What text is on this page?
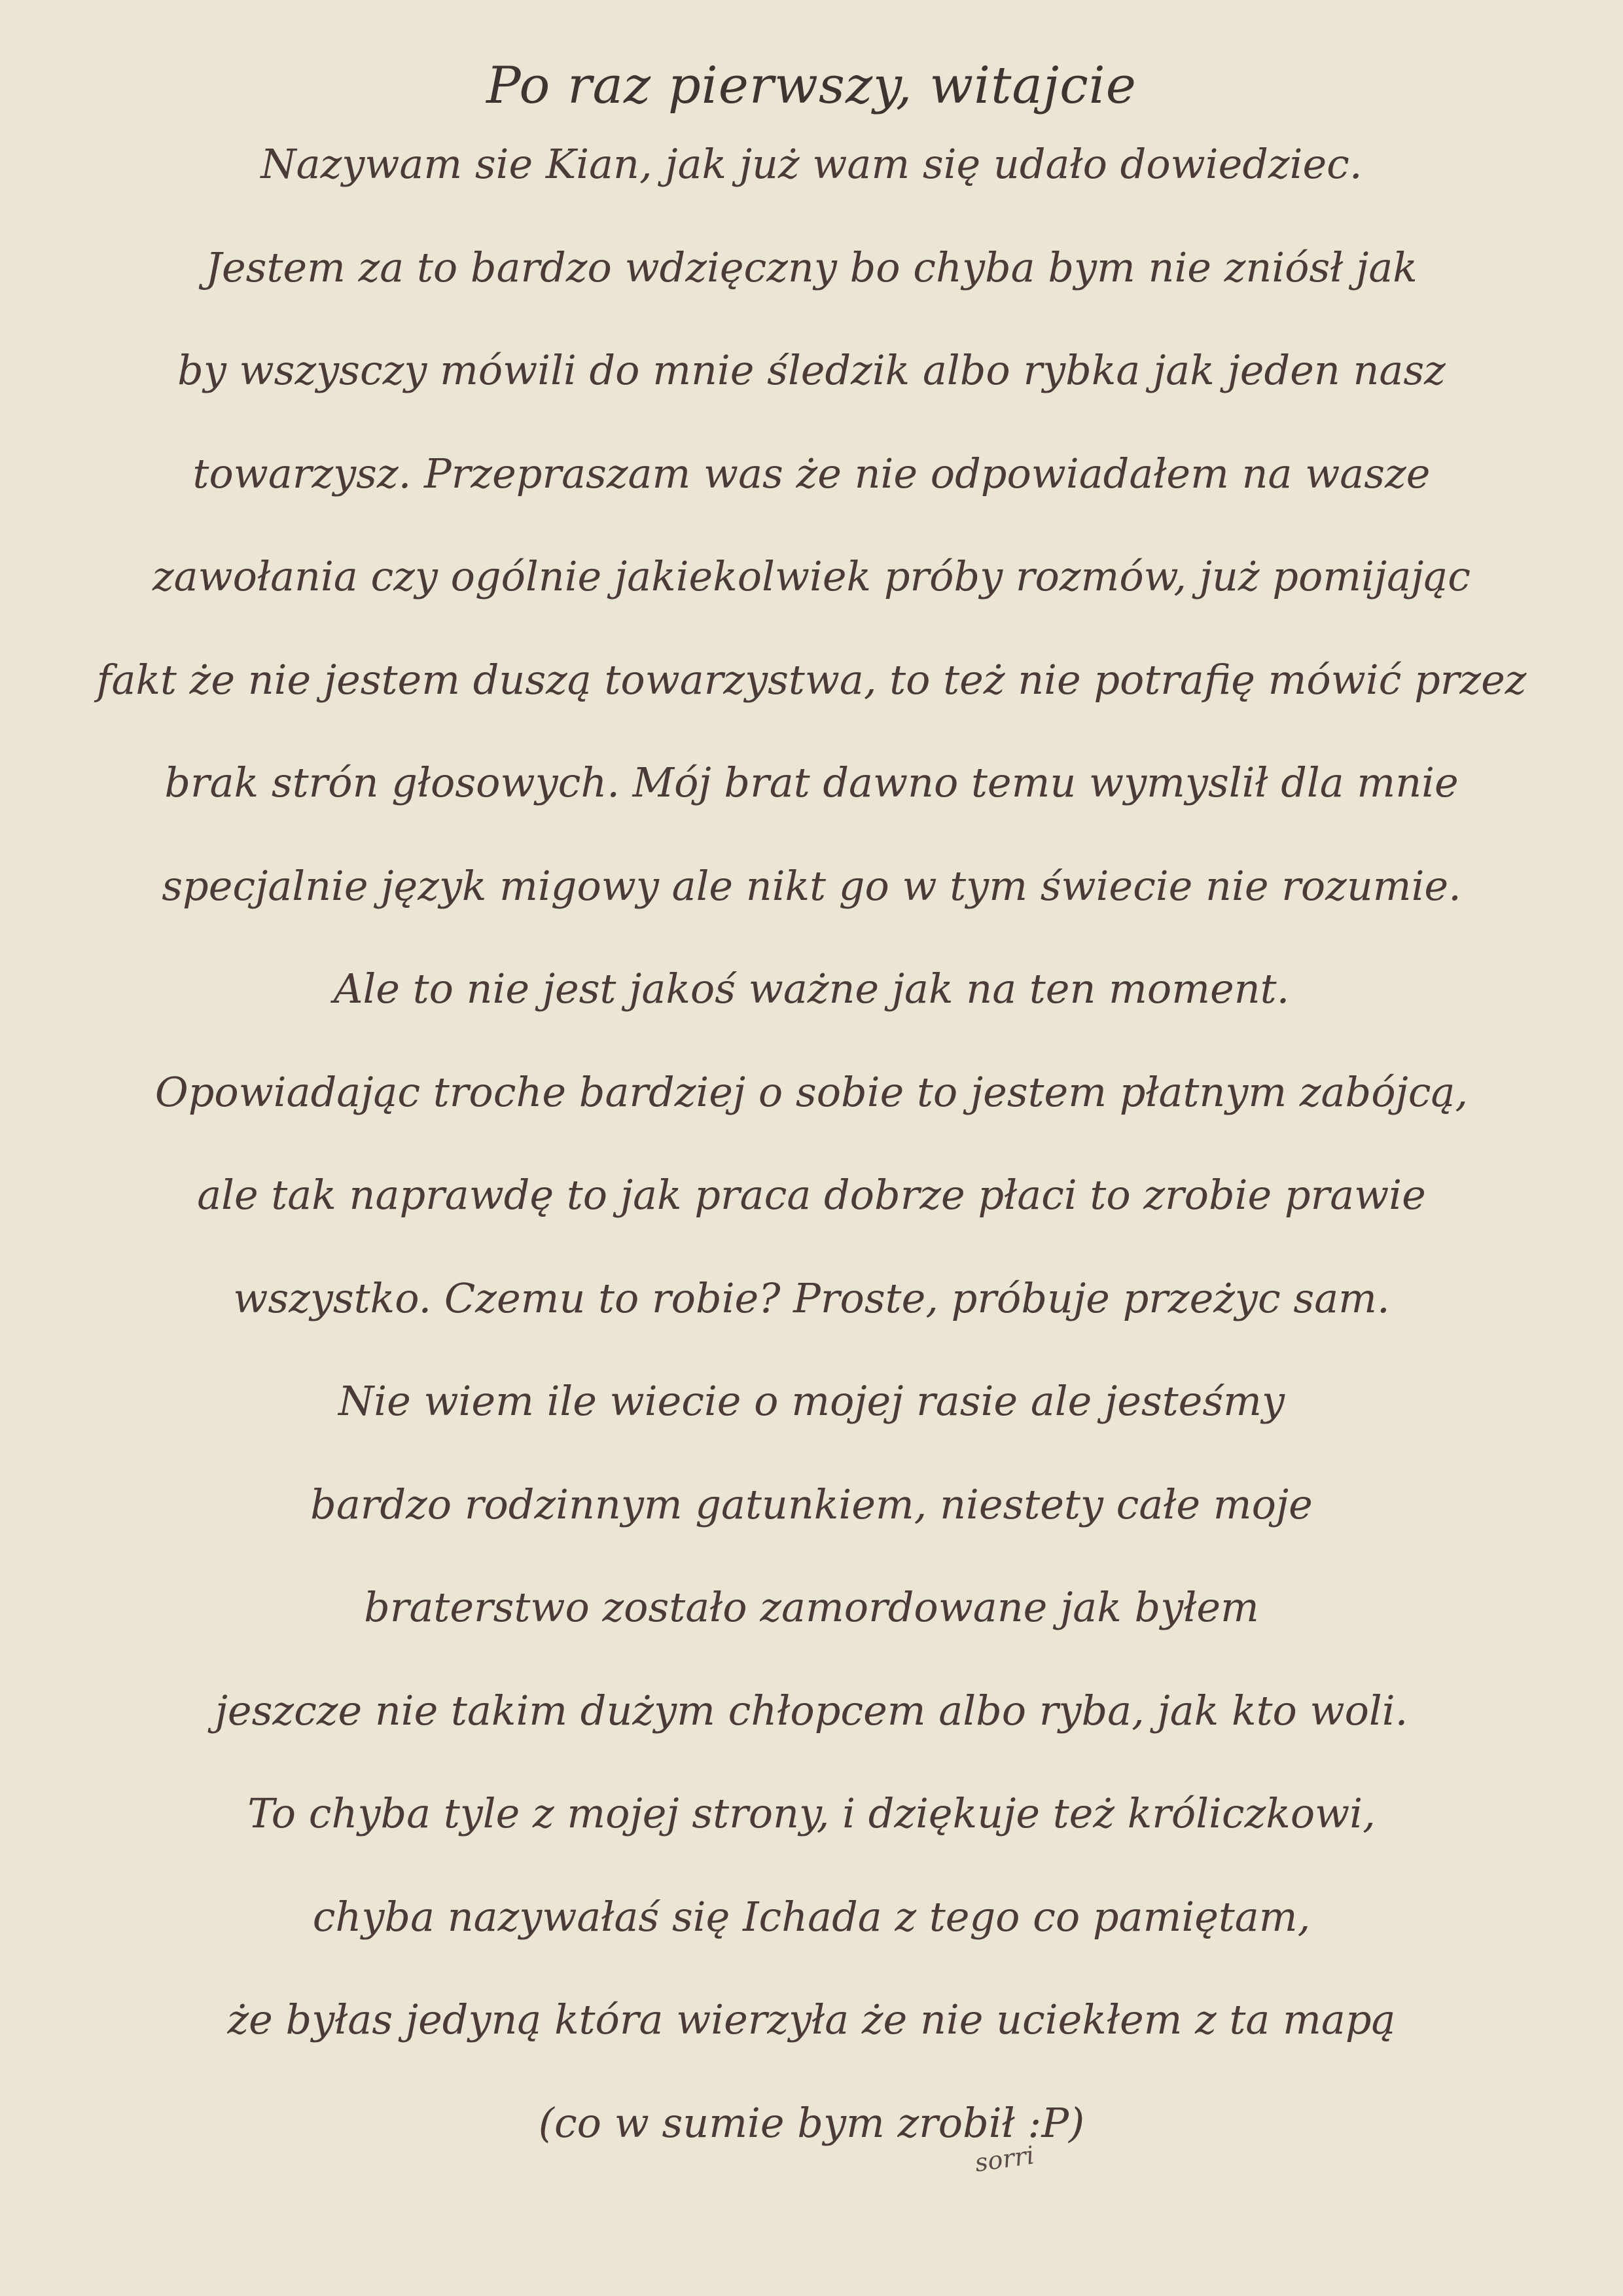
Po raz pierwszy, witajcie
Nazywam sie Kian, jak już wam się udało dowiedziec.
Jestem za to bardzo wdzięczny bo chyba bym nie zniósł jak
by wszysczy mówili do mnie śledzik albo rybka jak jeden nasz
towarzysz. Przepraszam was że nie odpowiadałem na wasze
zawołania czy ogólnie jakiekolwiek próby rozmów, już pomijając
fakt że nie jestem duszą towarzystwa, to też nie potrafię mówić przez
brak strón głosowych. Mój brat dawno temu wymyslił dla mnie
specjalnie język migowy ale nikt go w tym świecie nie rozumie.
Ale to nie jest jakoś ważne jak na ten moment.
Opowiadając troche bardziej o sobie to jestem płatnym zabójcą,
ale tak naprawdę to jak praca dobrze płaci to zrobie prawie
wszystko. Czemu to robie? Proste, próbuje przeżyc sam.
Nie wiem ile wiecie o mojej rasie ale jesteśmy
bardzo rodzinnym gatunkiem, niestety całe moje
braterstwo zostało zamordowane jak byłem
jeszcze nie takim dużym chłopcem albo ryba, jak kto woli.
To chyba tyle z mojej strony, i dziękuje też króliczkowi,
chyba nazywałaś się Ichada z tego co pamiętam,
że byłas jedyną która wierzyła że nie uciekłem z ta mapą
(co w sumie bym zrobił :P)
sorri
